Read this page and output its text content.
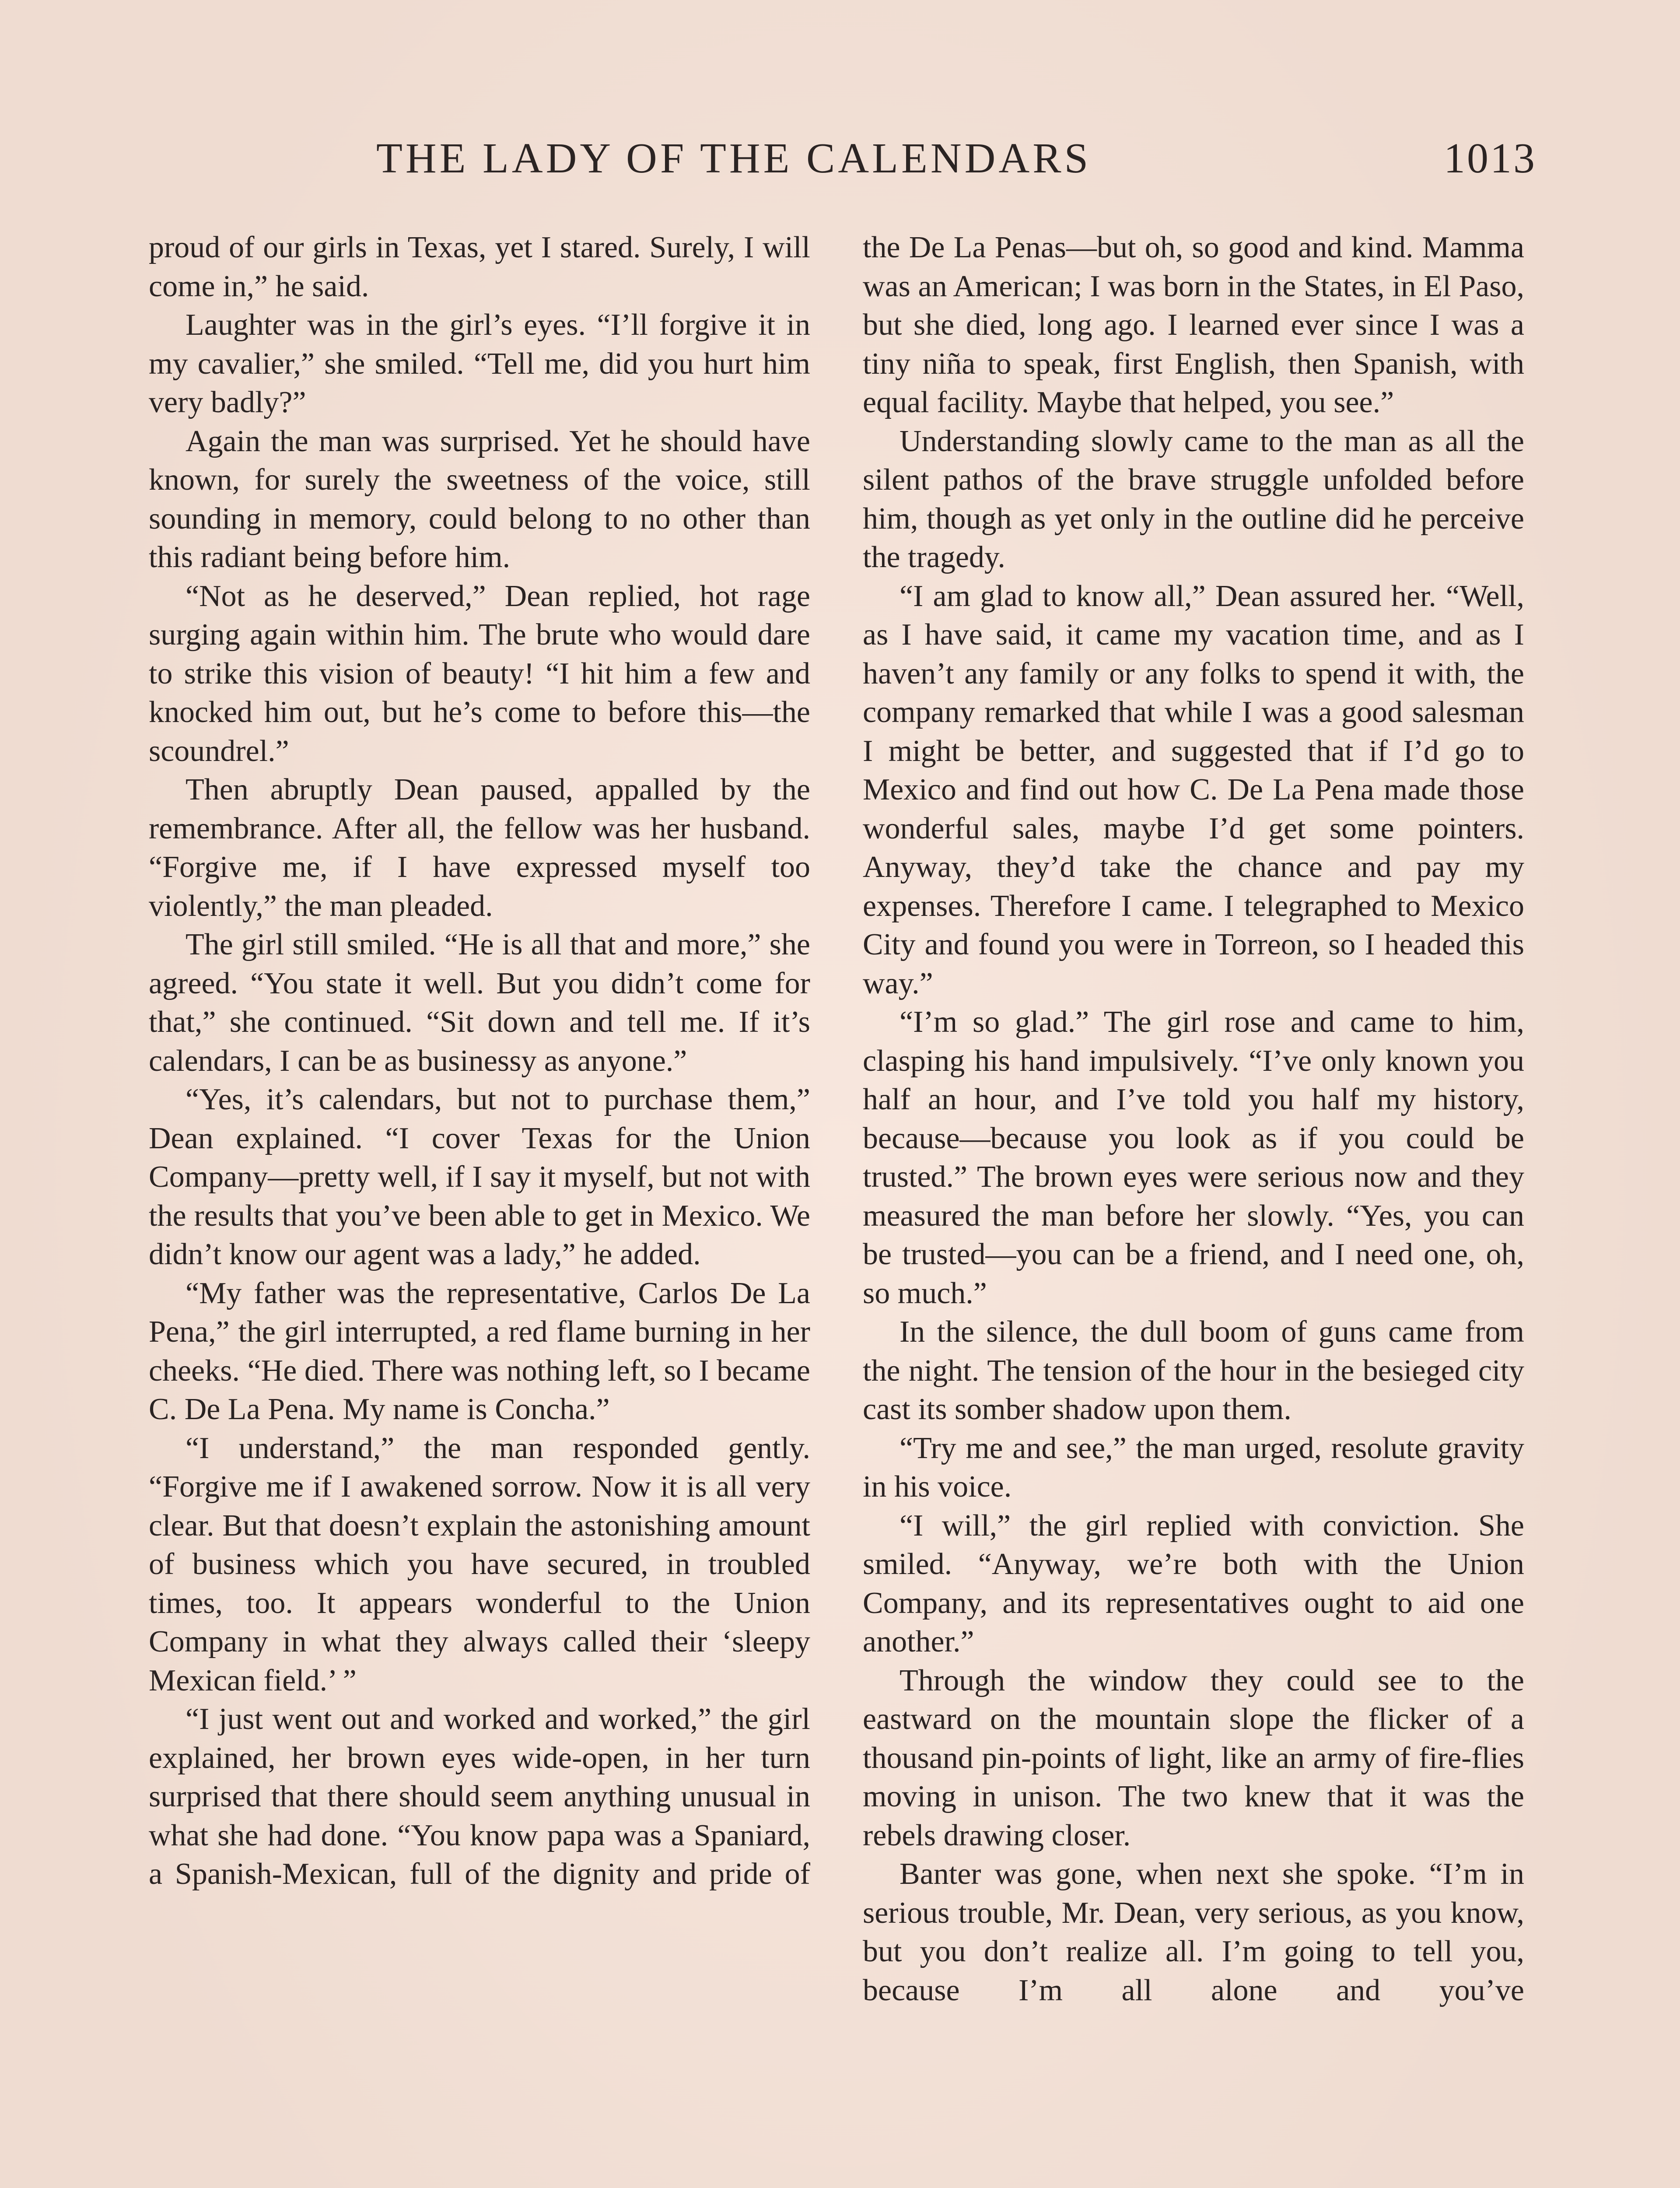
THE LADY OF THE CALENDARS	1013

proud of our girls in Texas, yet I stared. Surely, I will come in,” he said.

Laughter was in the girl’s eyes. “I’ll forgive it in my cavalier,” she smiled. “Tell me, did you hurt him very badly?”

Again the man was surprised. Yet he should have known, for surely the sweetness of the voice, still sounding in memory, could belong to no other than this radiant being before him.

“Not as he deserved,” Dean replied, hot rage surging again within him. The brute who would dare to strike this vision of beauty! “I hit him a few and knocked him out, but he’s come to before this—the scoundrel.”

Then abruptly Dean paused, appalled by the remembrance. After all, the fellow was her husband. “Forgive me, if I have expressed myself too violently,” the man pleaded.

The girl still smiled. “He is all that and more,” she agreed. “You state it well. But you didn’t come for that,” she continued. “Sit down and tell me. If it’s calendars, I can be as businessy as anyone.”

“Yes, it’s calendars, but not to purchase them,” Dean explained. “I cover Texas for the Union Company—pretty well, if I say it myself, but not with the results that you’ve been able to get in Mexico. We didn’t know our agent was a lady,” he added.

“My father was the representative, Carlos De La Pena,” the girl interrupted, a red flame burning in her cheeks. “He died. There was nothing left, so I became C. De La Pena. My name is Concha.”

“I understand,” the man responded gently. “Forgive me if I awakened sorrow. Now it is all very clear. But that doesn’t explain the astonishing amount of business which you have secured, in troubled times, too. It appears wonderful to the Union Company in what they always called their ‘sleepy Mexican field.’ ”

“I just went out and worked and worked,” the girl explained, her brown eyes wide-open, in her turn surprised that there should seem anything unusual in what she had done. “You know papa was a Spaniard, a Spanish-Mexican, full of the dignity and pride of

the De La Penas—but oh, so good and kind. Mamma was an American; I was born in the States, in El Paso, but she died, long ago. I learned ever since I was a tiny niña to speak, first English, then Spanish, with equal facility. Maybe that helped, you see.”

Understanding slowly came to the man as all the silent pathos of the brave struggle unfolded before him, though as yet only in the outline did he perceive the tragedy.

“I am glad to know all,” Dean assured her. “Well, as I have said, it came my vacation time, and as I haven’t any family or any folks to spend it with, the company remarked that while I was a good salesman I might be better, and suggested that if I’d go to Mexico and find out how C. De La Pena made those wonderful sales, maybe I’d get some pointers. Anyway, they’d take the chance and pay my expenses. Therefore I came. I telegraphed to Mexico City and found you were in Torreon, so I headed this way.”

“I’m so glad.” The girl rose and came to him, clasping his hand impulsively. “I’ve only known you half an hour, and I’ve told you half my history, because—because you look as if you could be trusted.” The brown eyes were serious now and they measured the man before her slowly. “Yes, you can be trusted—you can be a friend, and I need one, oh, so much.”

In the silence, the dull boom of guns came from the night. The tension of the hour in the besieged city cast its somber shadow upon them.

“Try me and see,” the man urged, resolute gravity in his voice.

“I will,” the girl replied with conviction. She smiled. “Anyway, we’re both with the Union Company, and its representatives ought to aid one another.”

Through the window they could see to the eastward on the mountain slope the flicker of a thousand pin-points of light, like an army of fire-flies moving in unison. The two knew that it was the rebels drawing closer.

Banter was gone, when next she spoke. “I’m in serious trouble, Mr. Dean, very serious, as you know, but you don’t realize all. I’m going to tell you, because I’m all alone and you’ve
